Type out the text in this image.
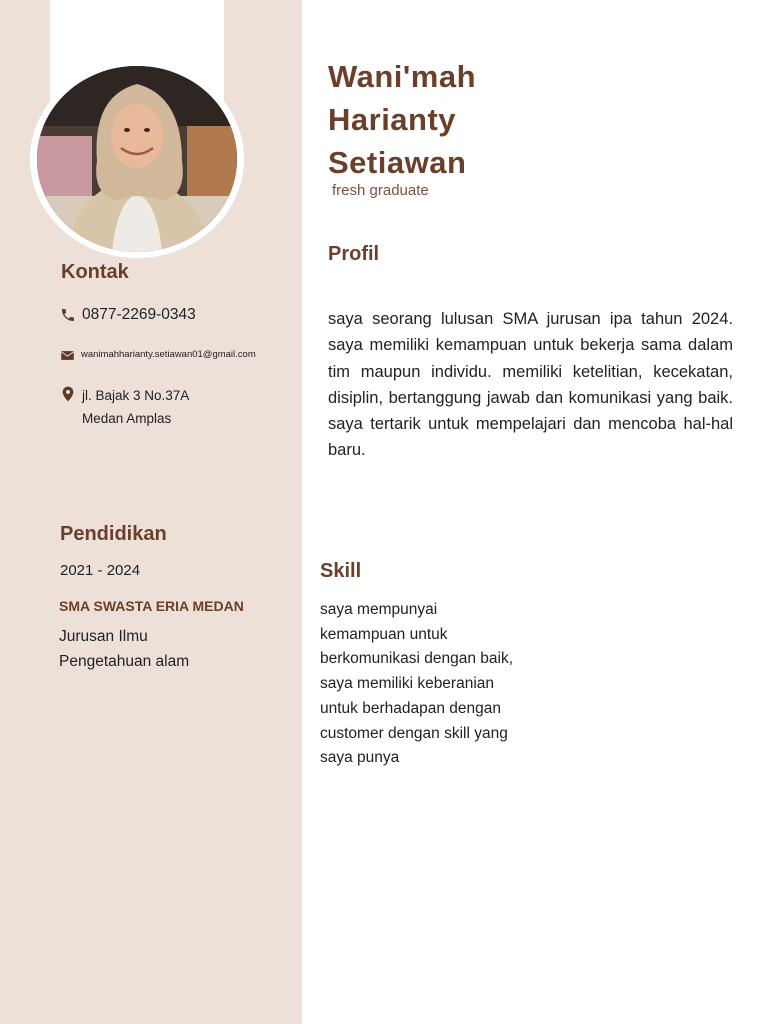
Kontak
0877-2269-0343
wanimahharianty.setiawan01@gmail.com
jl. Bajak 3 No.37A
Medan Amplas
Pendidikan
2021 - 2024
SMA SWASTA ERIA MEDAN
Jurusan Ilmu
Pengetahuan alam
Wani'mah
Harianty
Setiawan
fresh graduate
Profil
saya seorang lulusan SMA jurusan ipa tahun 2024. saya memiliki kemampuan untuk bekerja sama dalam tim maupun individu. memiliki ketelitian, kecekatan, disiplin, bertanggung jawab dan komunikasi yang baik. saya tertarik untuk mempelajari dan mencoba hal-hal baru.
Skill
saya mempunyai kemampuan untuk berkomunikasi dengan baik, saya memiliki keberanian untuk berhadapan dengan customer dengan skill yang saya punya
